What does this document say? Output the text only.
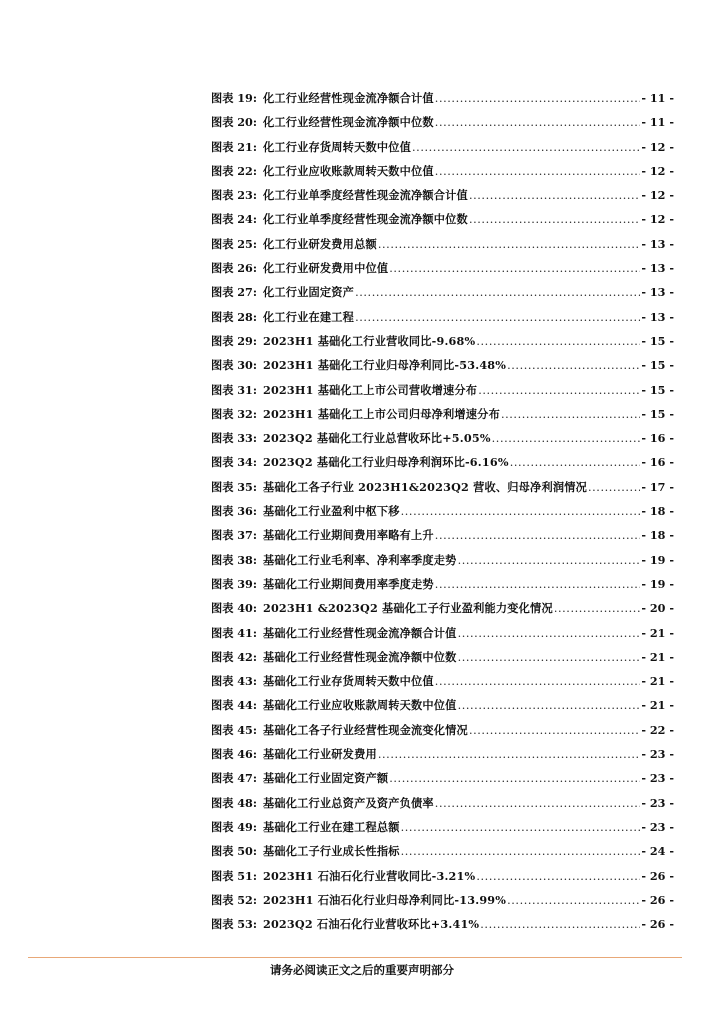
图表 19: 化工行业经营性现金流净额合计值 .....	- 11 -
图表 20: 化工行业经营性现金流净额中位数 .....	- 11 -
图表 21: 化工行业存货周转天数中位值 .....	- 12 -
图表 22: 化工行业应收账款周转天数中位值 .....	- 12 -
图表 23: 化工行业单季度经营性现金流净额合计值 .....	- 12 -
图表 24: 化工行业单季度经营性现金流净额中位数 .....	- 12 -
图表 25: 化工行业研发费用总额 .....	- 13 -
图表 26: 化工行业研发费用中位值 .....	- 13 -
图表 27: 化工行业固定资产 .....	- 13 -
图表 28: 化工行业在建工程 .....	- 13 -
图表 29: 2023H1 基础化工行业营收同比-9.68% .....	- 15 -
图表 30: 2023H1 基础化工行业归母净利同比-53.48% .....	- 15 -
图表 31: 2023H1 基础化工上市公司营收增速分布 .....	- 15 -
图表 32: 2023H1 基础化工上市公司归母净利增速分布 .....	- 15 -
图表 33: 2023Q2 基础化工行业总营收环比+5.05% .....	- 16 -
图表 34: 2023Q2 基础化工行业归母净利润环比-6.16% .....	- 16 -
图表 35: 基础化工各子行业 2023H1&2023Q2 营收、归母净利润情况 .....	- 17 -
图表 36: 基础化工行业盈利中枢下移 .....	- 18 -
图表 37: 基础化工行业期间费用率略有上升 .....	- 18 -
图表 38: 基础化工行业毛利率、净利率季度走势 .....	- 19 -
图表 39: 基础化工行业期间费用率季度走势 .....	- 19 -
图表 40: 2023H1 &2023Q2 基础化工子行业盈利能力变化情况 .....	- 20 -
图表 41: 基础化工行业经营性现金流净额合计值 .....	- 21 -
图表 42: 基础化工行业经营性现金流净额中位数 .....	- 21 -
图表 43: 基础化工行业存货周转天数中位值 .....	- 21 -
图表 44: 基础化工行业应收账款周转天数中位值 .....	- 21 -
图表 45: 基础化工各子行业经营性现金流变化情况 .....	- 22 -
图表 46: 基础化工行业研发费用 .....	- 23 -
图表 47: 基础化工行业固定资产额 .....	- 23 -
图表 48: 基础化工行业总资产及资产负债率 .....	- 23 -
图表 49: 基础化工行业在建工程总额 .....	- 23 -
图表 50: 基础化工子行业成长性指标 .....	- 24 -
图表 51: 2023H1 石油石化行业营收同比-3.21% .....	- 26 -
图表 52: 2023H1 石油石化行业归母净利同比-13.99% .....	- 26 -
图表 53: 2023Q2 石油石化行业营收环比+3.41% .....	- 26 -
请务必阅读正文之后的重要声明部分
